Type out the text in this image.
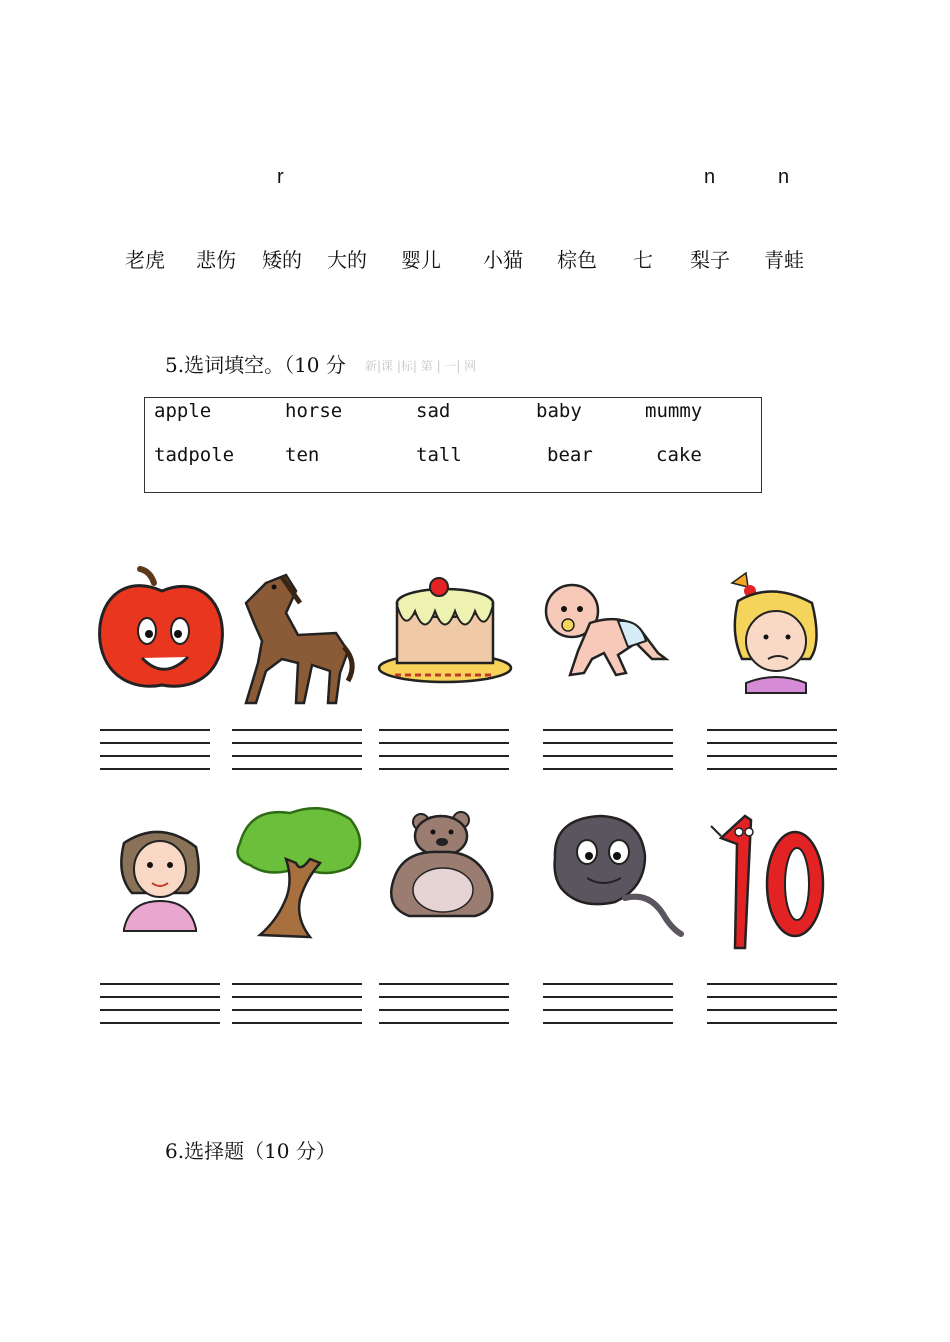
r	n	n
老虎 悲伤 矮的 大的 婴儿 小猫 棕色 七 梨子 青蛙
5.选词填空。（10 分 新|课 |标| 第 | 一| 网
apple	horse	sad	baby	mummy
tadpole	ten	tall	bear	cake
6.选择题（10 分）
